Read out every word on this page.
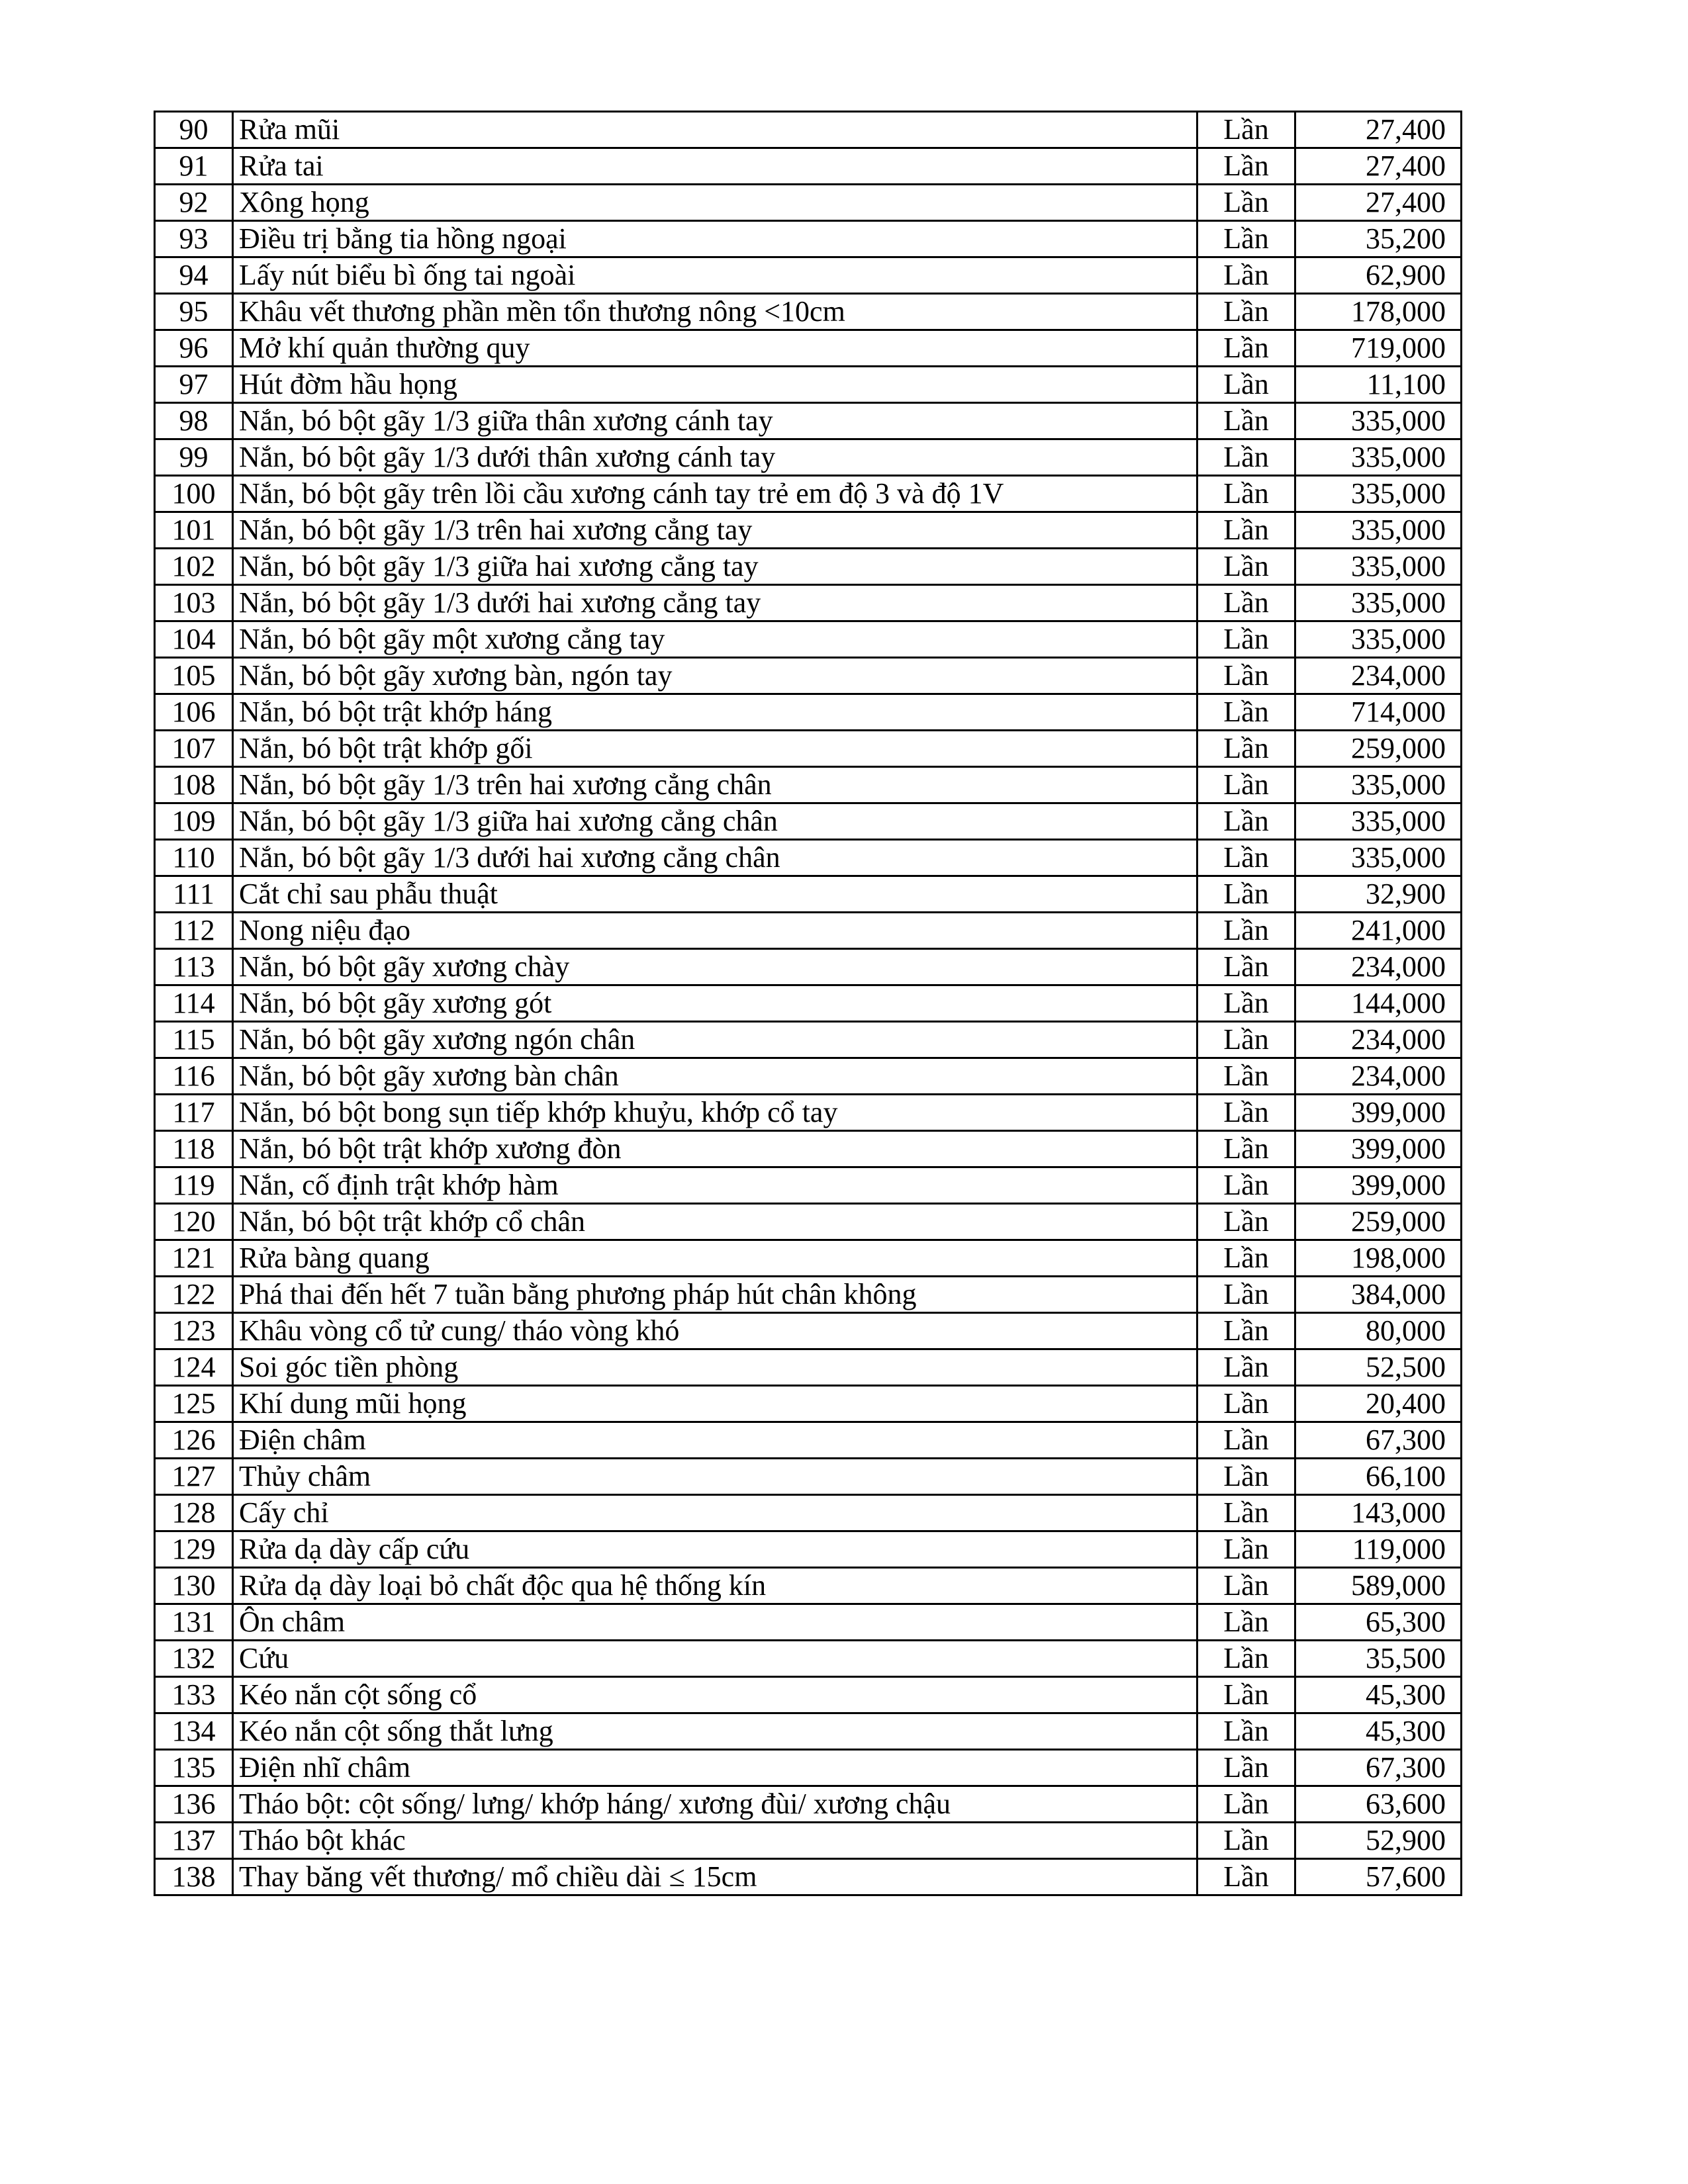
90	Rửa mũi	Lần	27,400
91	Rửa tai	Lần	27,400
92	Xông họng	Lần	27,400
93	Điều trị bằng tia hồng ngoại	Lần	35,200
94	Lấy nút biểu bì ống tai ngoài	Lần	62,900
95	Khâu vết thương phần mền tổn thương nông <10cm	Lần	178,000
96	Mở khí quản thường quy	Lần	719,000
97	Hút đờm hầu họng	Lần	11,100
98	Nắn, bó bột gãy 1/3 giữa thân xương cánh tay	Lần	335,000
99	Nắn, bó bột gãy 1/3 dưới thân xương cánh tay	Lần	335,000
100	Nắn, bó bột gãy trên lồi cầu xương cánh tay trẻ em độ 3 và độ 1V	Lần	335,000
101	Nắn, bó bột gãy 1/3 trên hai xương cẳng tay	Lần	335,000
102	Nắn, bó bột gãy 1/3 giữa hai xương cẳng tay	Lần	335,000
103	Nắn, bó bột gãy 1/3 dưới hai xương cẳng tay	Lần	335,000
104	Nắn, bó bột gãy một xương cẳng tay	Lần	335,000
105	Nắn, bó bột gãy xương bàn, ngón tay	Lần	234,000
106	Nắn, bó bột trật khớp háng	Lần	714,000
107	Nắn, bó bột trật khớp gối	Lần	259,000
108	Nắn, bó bột gãy 1/3 trên hai xương cẳng chân	Lần	335,000
109	Nắn, bó bột gãy 1/3 giữa hai xương cẳng chân	Lần	335,000
110	Nắn, bó bột gãy 1/3 dưới hai xương cẳng chân	Lần	335,000
111	Cắt chỉ sau phẫu thuật	Lần	32,900
112	Nong niệu đạo	Lần	241,000
113	Nắn, bó bột gãy xương chày	Lần	234,000
114	Nắn, bó bột gãy xương gót	Lần	144,000
115	Nắn, bó bột gãy xương ngón chân	Lần	234,000
116	Nắn, bó bột gãy xương bàn chân	Lần	234,000
117	Nắn, bó bột bong sụn tiếp khớp khuỷu, khớp cổ tay	Lần	399,000
118	Nắn, bó bột trật khớp xương đòn	Lần	399,000
119	Nắn, cố định trật khớp hàm	Lần	399,000
120	Nắn, bó bột trật khớp cổ chân	Lần	259,000
121	Rửa bàng quang	Lần	198,000
122	Phá thai đến hết 7 tuần bằng phương pháp hút chân không	Lần	384,000
123	Khâu vòng cổ tử cung/ tháo vòng khó	Lần	80,000
124	Soi góc tiền phòng	Lần	52,500
125	Khí dung mũi họng	Lần	20,400
126	Điện châm	Lần	67,300
127	Thủy châm	Lần	66,100
128	Cấy chỉ	Lần	143,000
129	Rửa dạ dày cấp cứu	Lần	119,000
130	Rửa dạ dày loại bỏ chất độc qua hệ thống kín	Lần	589,000
131	Ôn châm	Lần	65,300
132	Cứu	Lần	35,500
133	Kéo nắn cột sống cổ	Lần	45,300
134	Kéo nắn cột sống thắt lưng	Lần	45,300
135	Điện nhĩ châm	Lần	67,300
136	Tháo bột: cột sống/ lưng/ khớp háng/ xương đùi/ xương chậu	Lần	63,600
137	Tháo bột khác	Lần	52,900
138	Thay băng vết thương/ mổ chiều dài ≤ 15cm	Lần	57,600
